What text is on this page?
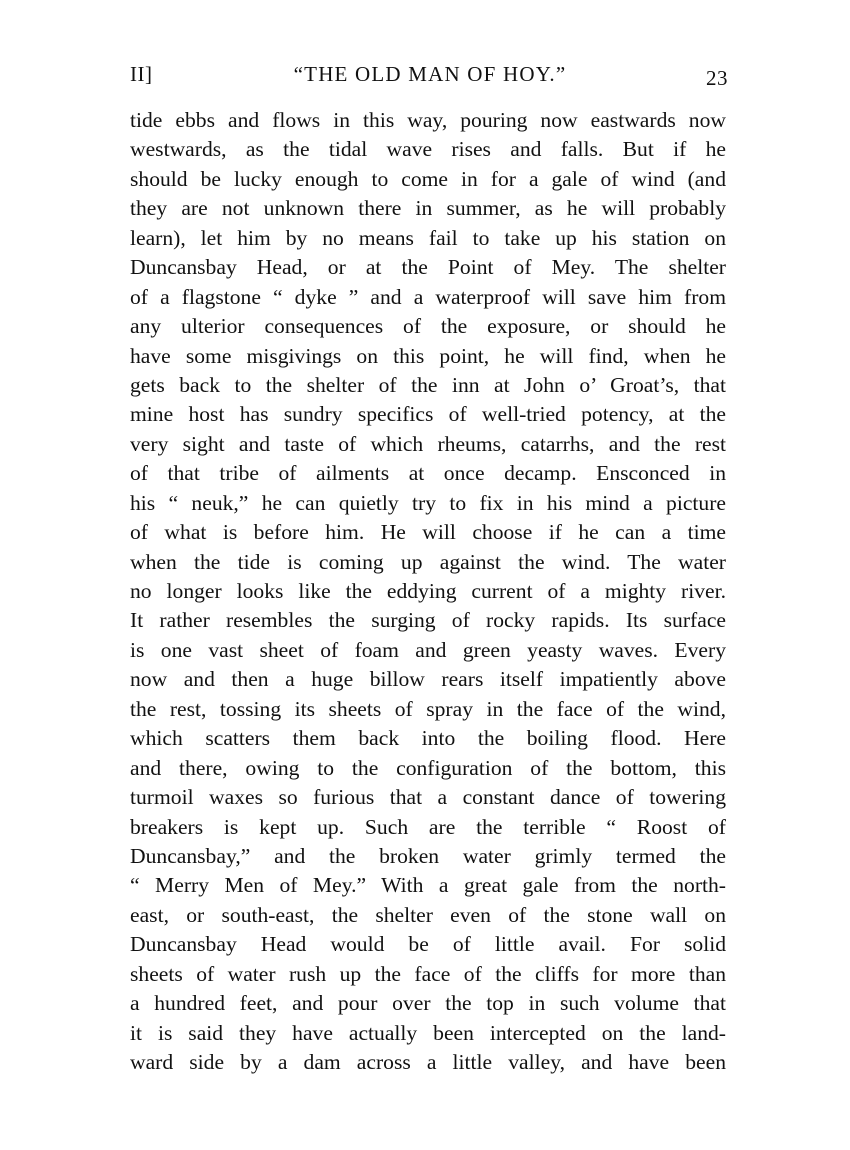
II]	“THE OLD MAN OF HOY.”	23
tide ebbs and flows in this way, pouring now eastwards now
westwards, as the tidal wave rises and falls. But if he
should be lucky enough to come in for a gale of wind (and
they are not unknown there in summer, as he will probably
learn), let him by no means fail to take up his station on
Duncansbay Head, or at the Point of Mey. The shelter
of a flagstone “ dyke ” and a waterproof will save him from
any ulterior consequences of the exposure, or should he
have some misgivings on this point, he will find, when he
gets back to the shelter of the inn at John o’ Groat’s, that
mine host has sundry specifics of well-tried potency, at the
very sight and taste of which rheums, catarrhs, and the rest
of that tribe of ailments at once decamp. Ensconced in
his “ neuk,” he can quietly try to fix in his mind a picture
of what is before him. He will choose if he can a time
when the tide is coming up against the wind. The water
no longer looks like the eddying current of a mighty river.
It rather resembles the surging of rocky rapids. Its surface
is one vast sheet of foam and green yeasty waves. Every
now and then a huge billow rears itself impatiently above
the rest, tossing its sheets of spray in the face of the wind,
which scatters them back into the boiling flood. Here
and there, owing to the configuration of the bottom, this
turmoil waxes so furious that a constant dance of towering
breakers is kept up. Such are the terrible “ Roost of
Duncansbay,” and the broken water grimly termed the
“ Merry Men of Mey.” With a great gale from the north-
east, or south-east, the shelter even of the stone wall on
Duncansbay Head would be of little avail. For solid
sheets of water rush up the face of the cliffs for more than
a hundred feet, and pour over the top in such volume that
it is said they have actually been intercepted on the land-
ward side by a dam across a little valley, and have been
